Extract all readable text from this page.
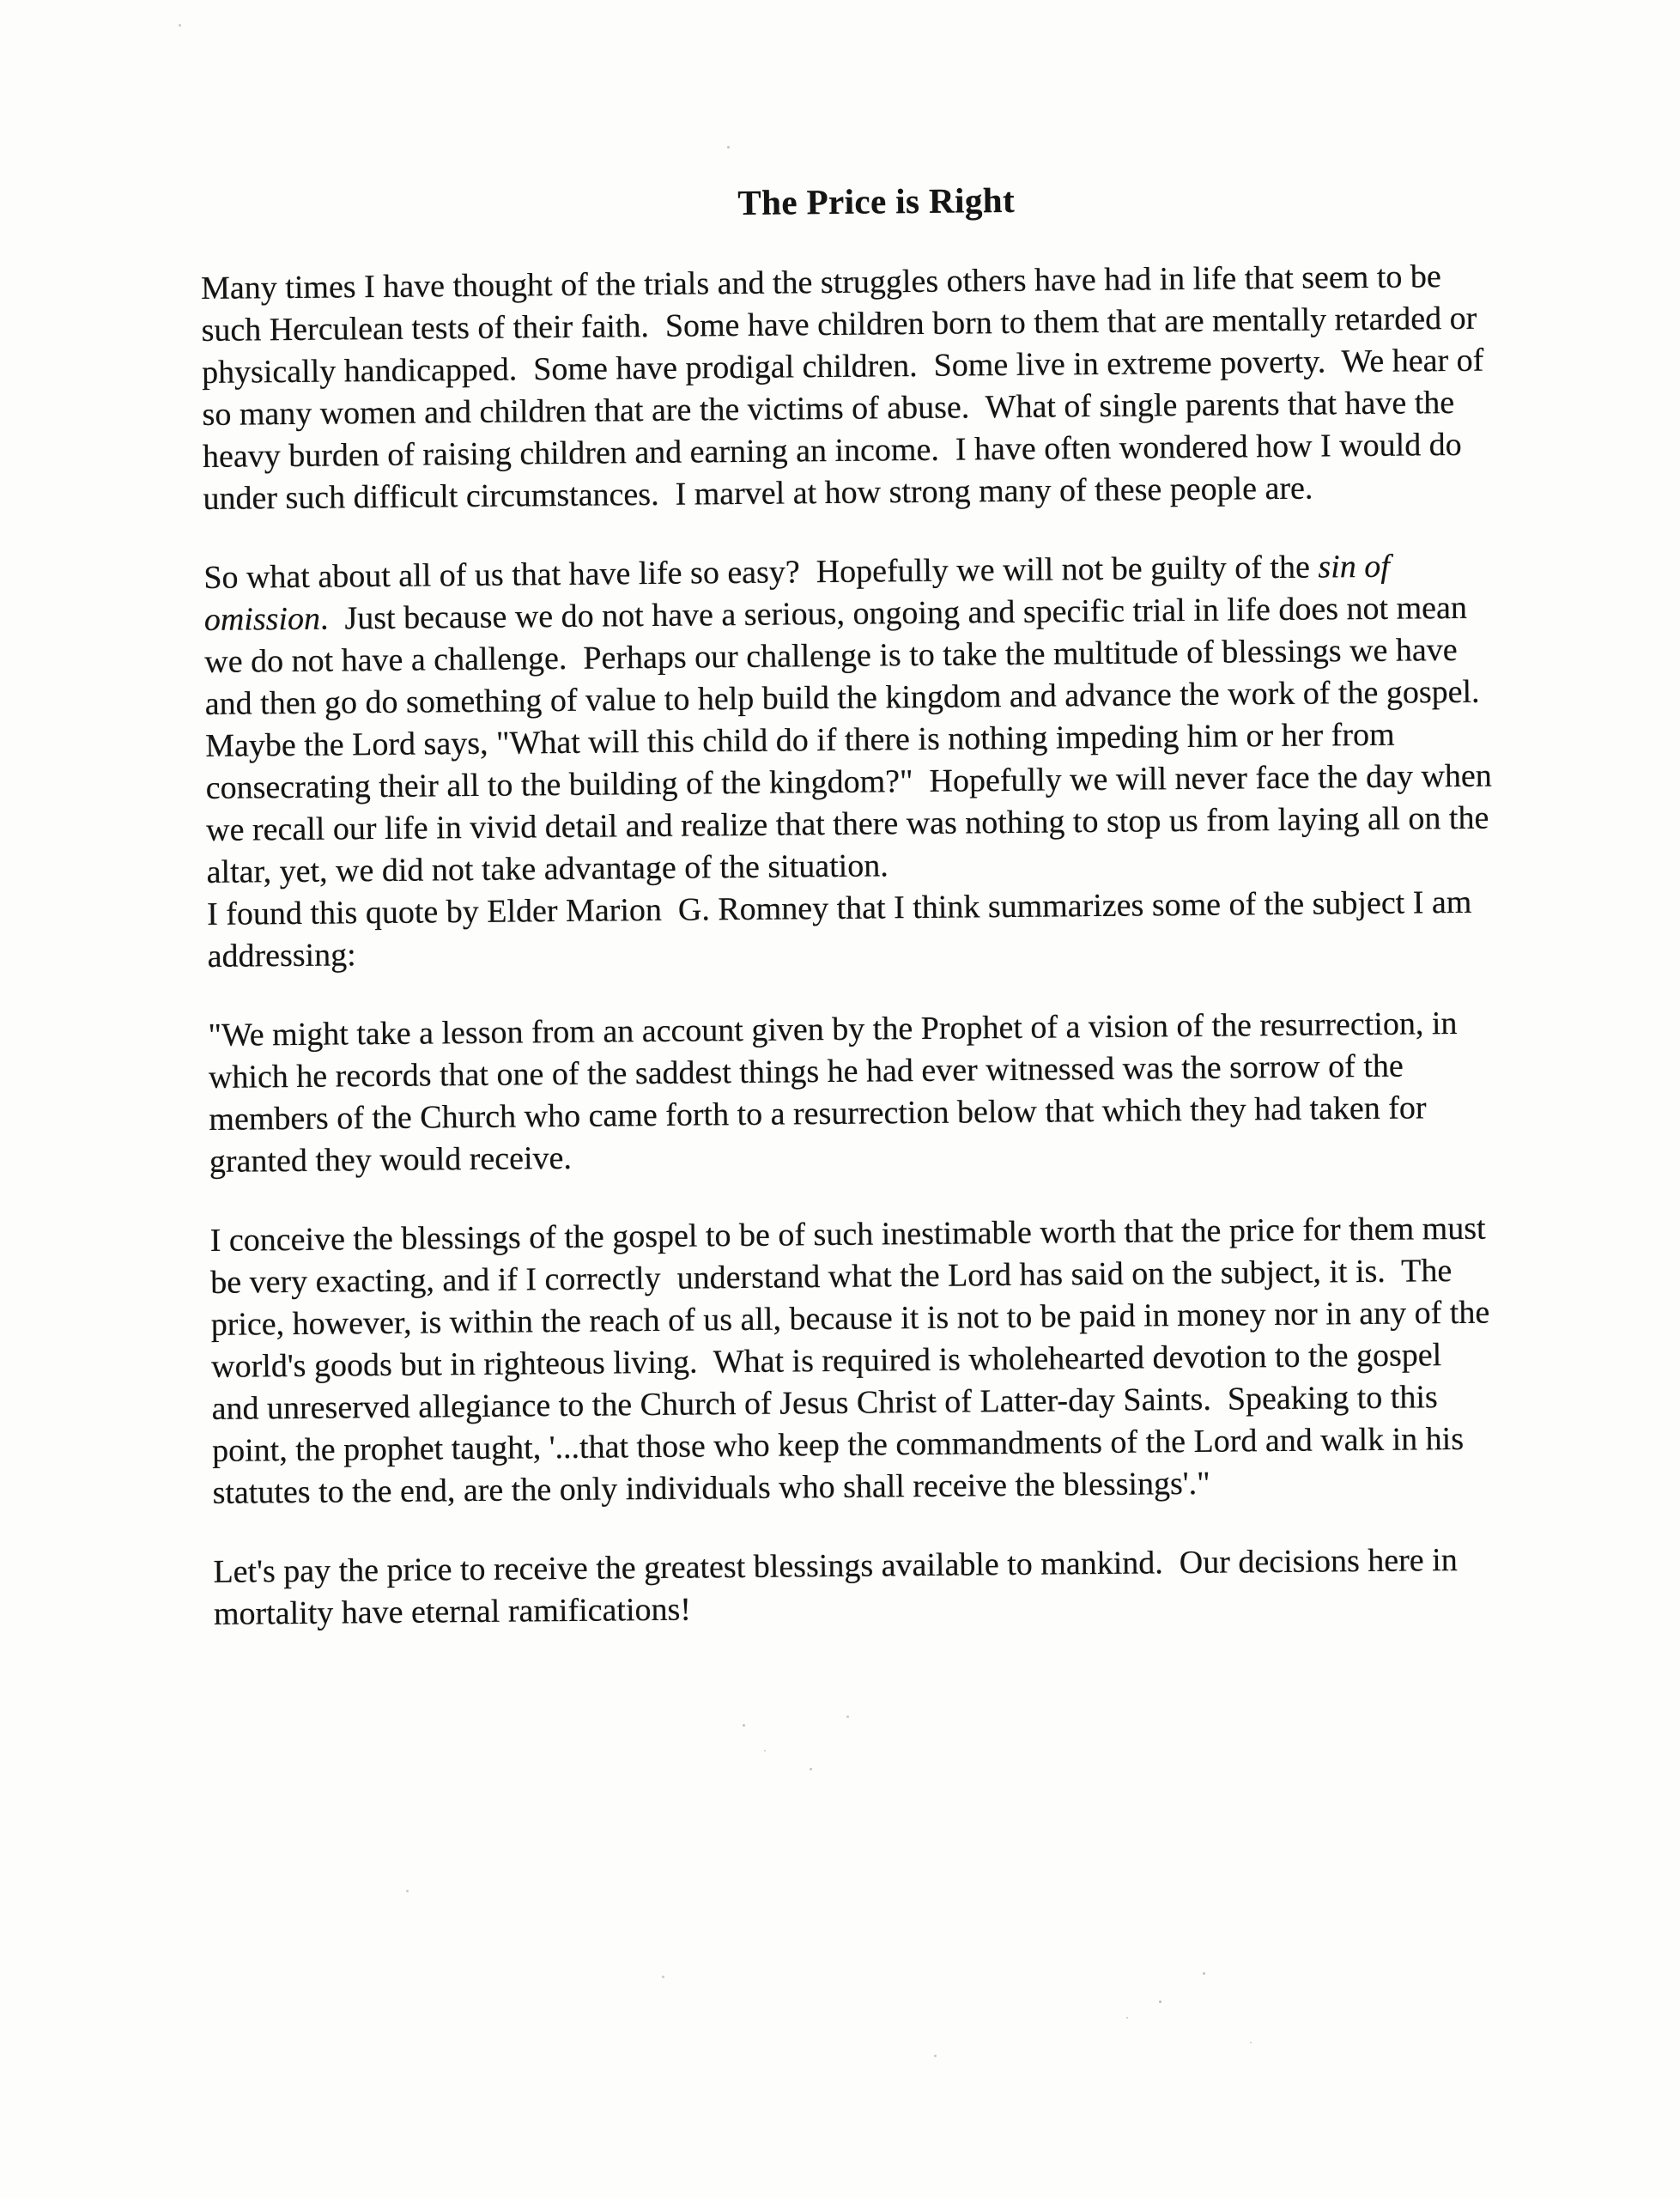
The Price is Right
Many times I have thought of the trials and the struggles others have had in life that seem to be
such Herculean tests of their faith.  Some have children born to them that are mentally retarded or
physically handicapped.  Some have prodigal children.  Some live in extreme poverty.  We hear of
so many women and children that are the victims of abuse.  What of single parents that have the
heavy burden of raising children and earning an income.  I have often wondered how I would do
under such difficult circumstances.  I marvel at how strong many of these people are.
So what about all of us that have life so easy?  Hopefully we will not be guilty of the sin of
omission.  Just because we do not have a serious, ongoing and specific trial in life does not mean
we do not have a challenge.  Perhaps our challenge is to take the multitude of blessings we have
and then go do something of value to help build the kingdom and advance the work of the gospel.
Maybe the Lord says, "What will this child do if there is nothing impeding him or her from
consecrating their all to the building of the kingdom?"  Hopefully we will never face the day when
we recall our life in vivid detail and realize that there was nothing to stop us from laying all on the
altar, yet, we did not take advantage of the situation.
I found this quote by Elder Marion  G. Romney that I think summarizes some of the subject I am
addressing:
"We might take a lesson from an account given by the Prophet of a vision of the resurrection, in
which he records that one of the saddest things he had ever witnessed was the sorrow of the
members of the Church who came forth to a resurrection below that which they had taken for
granted they would receive.
I conceive the blessings of the gospel to be of such inestimable worth that the price for them must
be very exacting, and if I correctly  understand what the Lord has said on the subject, it is.  The
price, however, is within the reach of us all, because it is not to be paid in money nor in any of the
world's goods but in righteous living.  What is required is wholehearted devotion to the gospel
and unreserved allegiance to the Church of Jesus Christ of Latter-day Saints.  Speaking to this
point, the prophet taught, '...that those who keep the commandments of the Lord and walk in his
statutes to the end, are the only individuals who shall receive the blessings'."
Let's pay the price to receive the greatest blessings available to mankind.  Our decisions here in
mortality have eternal ramifications!
